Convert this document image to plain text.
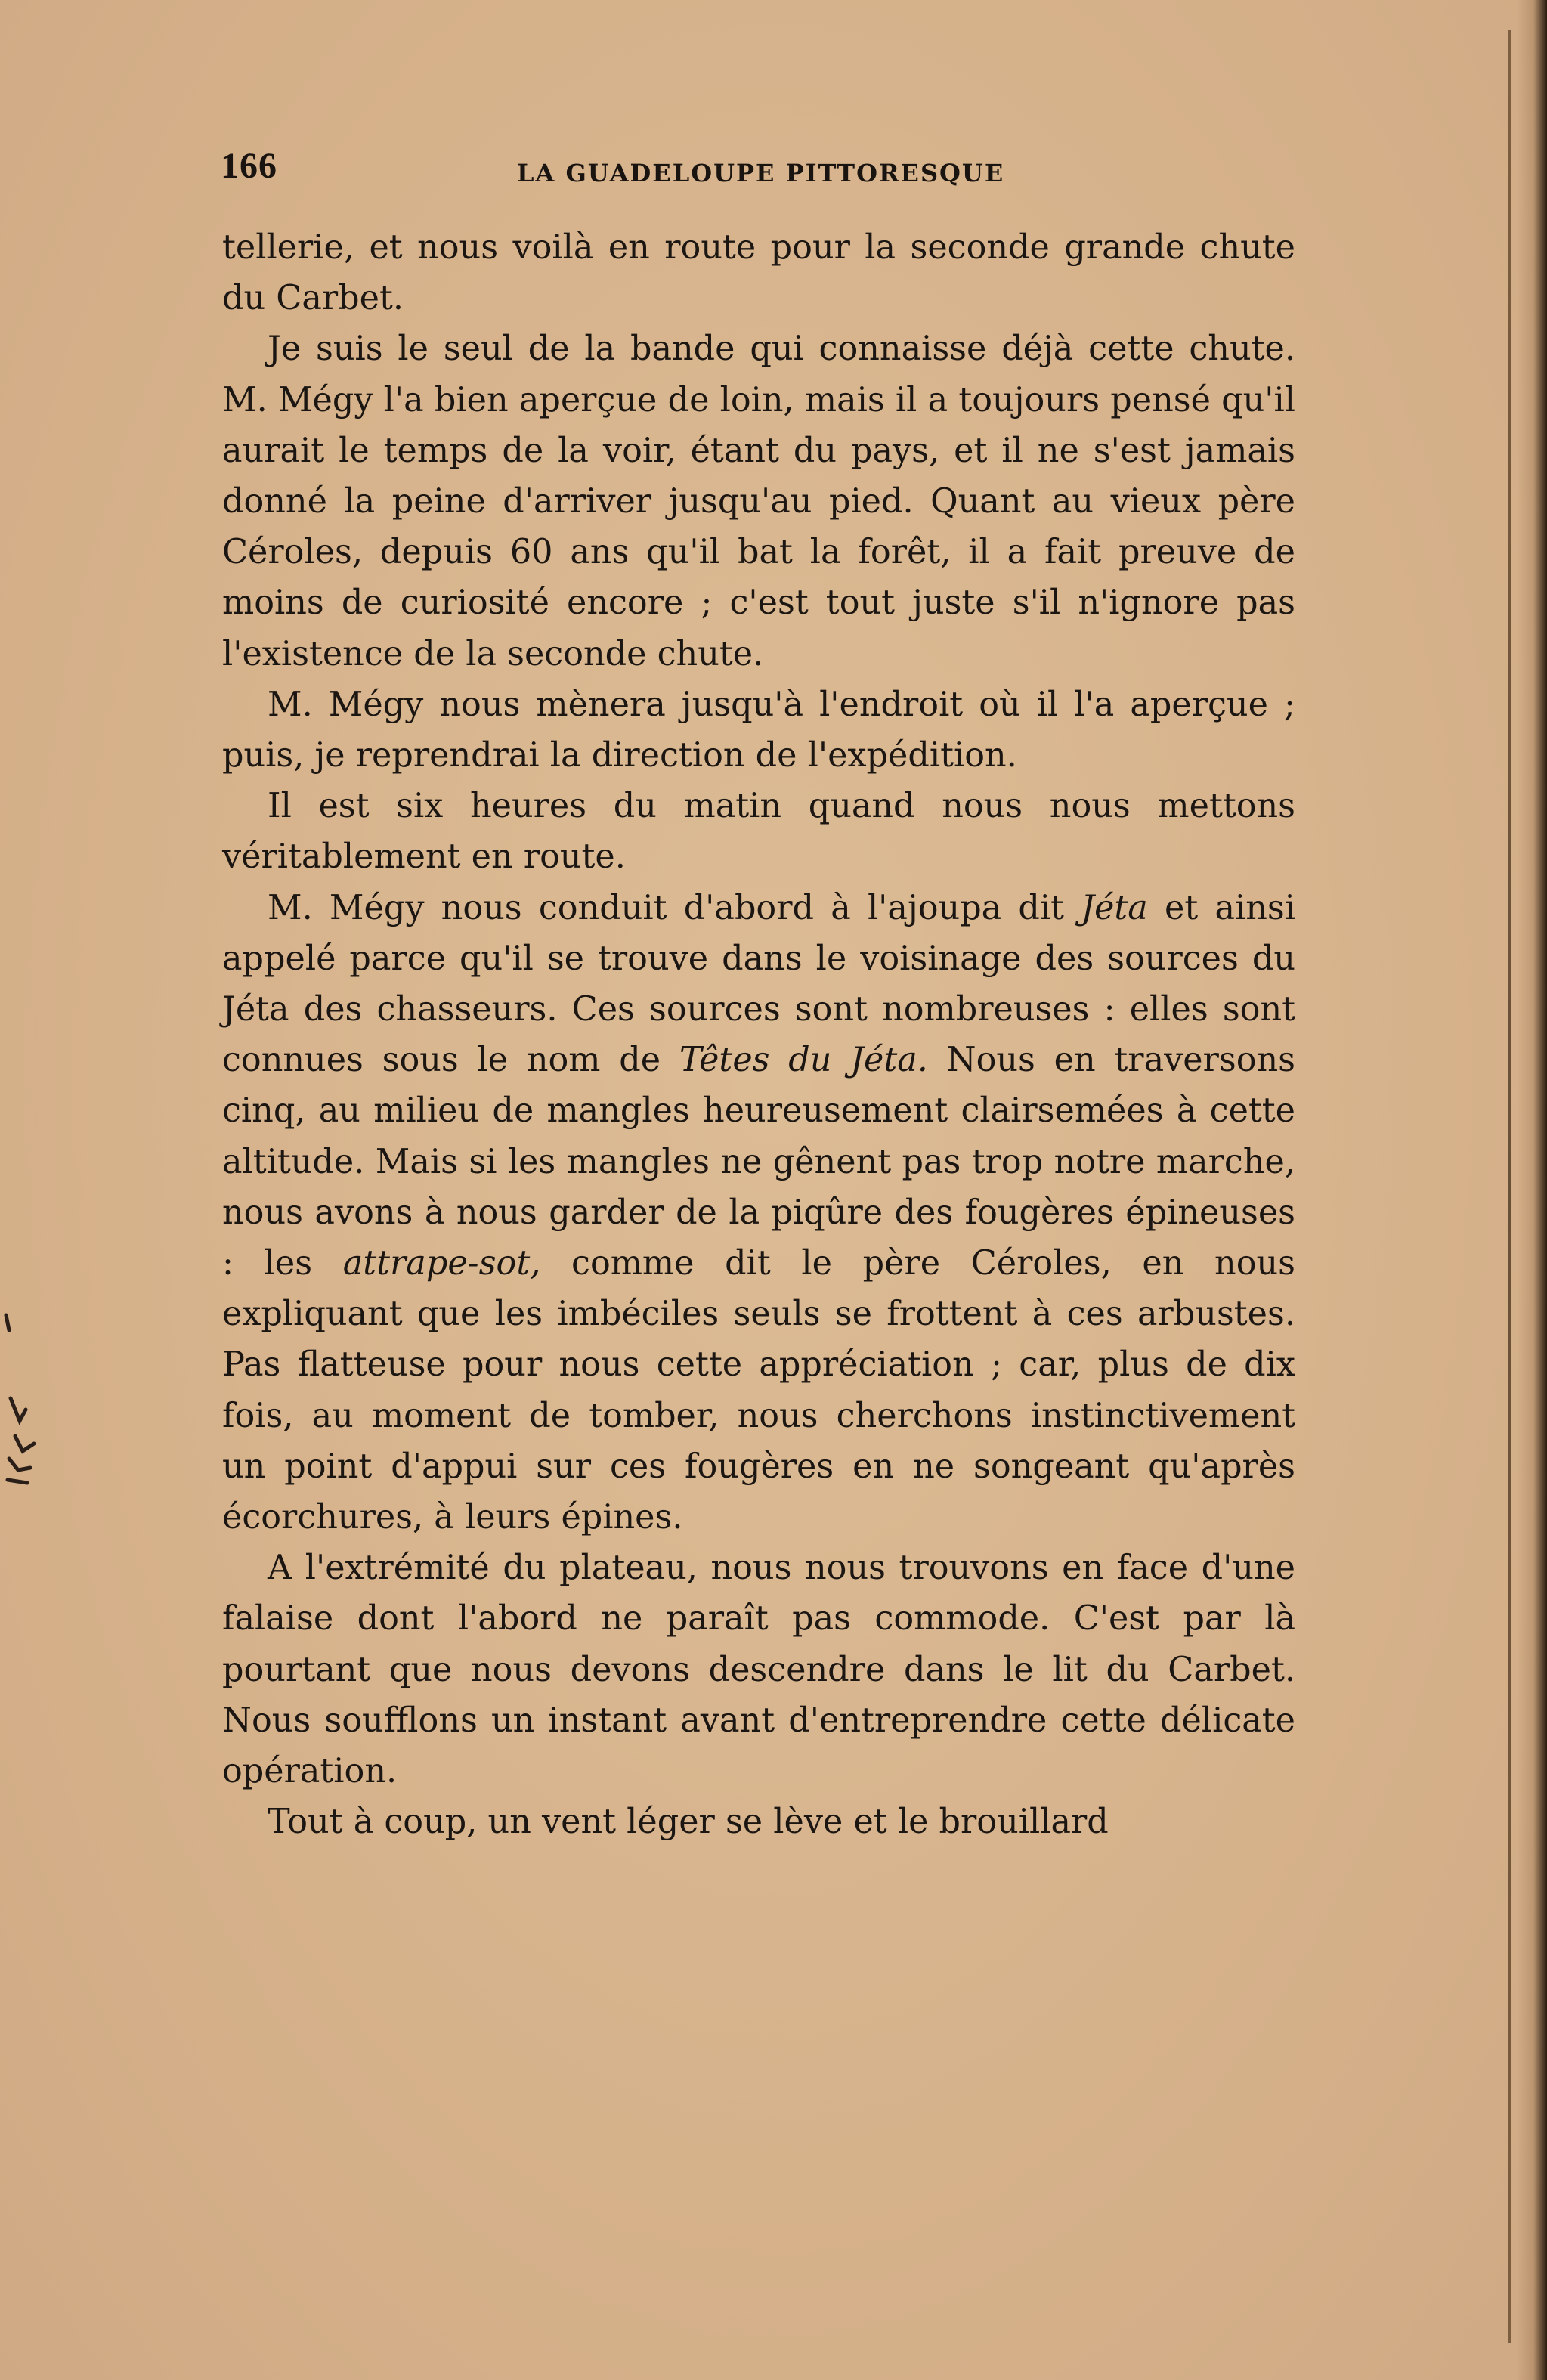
166	LA GUADELOUPE PITTORESQUE

tellerie, et nous voilà en route pour la seconde grande chute du Carbet.

Je suis le seul de la bande qui connaisse déjà cette chute. M. Mégy l'a bien aperçue de loin, mais il a toujours pensé qu'il aurait le temps de la voir, étant du pays, et il ne s'est jamais donné la peine d'arriver jusqu'au pied. Quant au vieux père Céroles, depuis 60 ans qu'il bat la forêt, il a fait preuve de moins de curiosité encore ; c'est tout juste s'il n'ignore pas l'existence de la seconde chute.

M. Mégy nous mènera jusqu'à l'endroit où il l'a aperçue ; puis, je reprendrai la direction de l'expédition.

Il est six heures du matin quand nous nous mettons véritablement en route.

M. Mégy nous conduit d'abord à l'ajoupa dit Jéta et ainsi appelé parce qu'il se trouve dans le voisinage des sources du Jéta des chasseurs. Ces sources sont nombreuses : elles sont connues sous le nom de Têtes du Jéta. Nous en traversons cinq, au milieu de mangles heureusement clairsemées à cette altitude. Mais si les mangles ne gênent pas trop notre marche, nous avons à nous garder de la piqûre des fougères épineuses : les attrape-sot, comme dit le père Céroles, en nous expliquant que les imbéciles seuls se frottent à ces arbustes. Pas flatteuse pour nous cette appréciation ; car, plus de dix fois, au moment de tomber, nous cherchons instinctivement un point d'appui sur ces fougères en ne songeant qu'après écorchures, à leurs épines.

A l'extrémité du plateau, nous nous trouvons en face d'une falaise dont l'abord ne paraît pas commode. C'est par là pourtant que nous devons descendre dans le lit du Carbet. Nous soufflons un instant avant d'entreprendre cette délicate opération.

Tout à coup, un vent léger se lève et le brouillard
